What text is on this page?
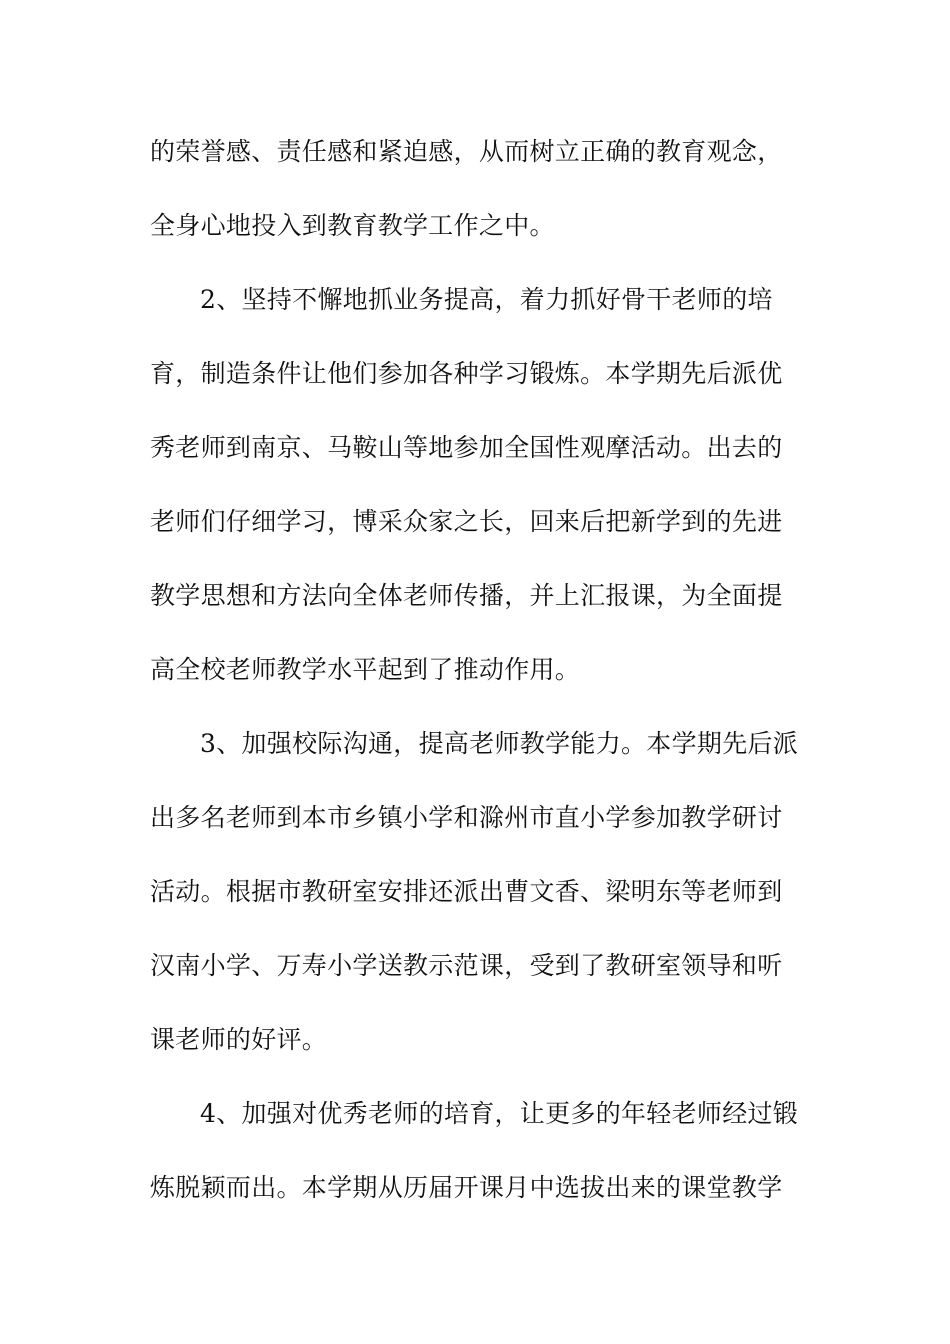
的荣誉感、责任感和紧迫感，从而树立正确的教育观念，
全身心地投入到教育教学工作之中。
2、坚持不懈地抓业务提高，着力抓好骨干老师的培
育，制造条件让他们参加各种学习锻炼。本学期先后派优
秀老师到南京、马鞍山等地参加全国性观摩活动。出去的
老师们仔细学习，博采众家之长，回来后把新学到的先进
教学思想和方法向全体老师传播，并上汇报课，为全面提
高全校老师教学水平起到了推动作用。
3、加强校际沟通，提高老师教学能力。本学期先后派
出多名老师到本市乡镇小学和滁州市直小学参加教学研讨
活动。根据市教研室安排还派出曹文香、梁明东等老师到
汉南小学、万寿小学送教示范课，受到了教研室领导和听
课老师的好评。
4、加强对优秀老师的培育，让更多的年轻老师经过锻
炼脱颖而出。本学期从历届开课月中选拔出来的课堂教学
